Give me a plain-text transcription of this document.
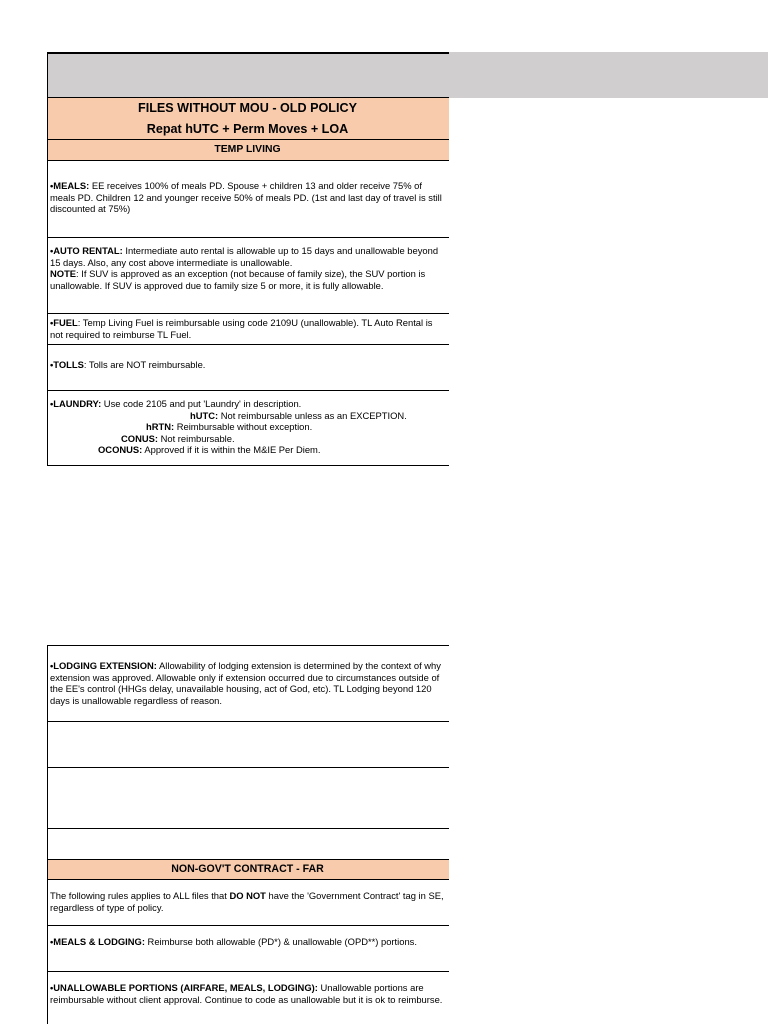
FILES WITHOUT MOU - OLD POLICY
Repat hUTC + Perm Moves + LOA
TEMP LIVING
•MEALS: EE receives 100% of meals PD. Spouse + children 13 and older receive 75% of meals PD. Children 12 and younger receive 50% of meals PD. (1st and last day of travel is still discounted at 75%)
•AUTO RENTAL: Intermediate auto rental is allowable up to 15 days and unallowable beyond 15 days. Also, any cost above intermediate is unallowable.
NOTE: If SUV is approved as an exception (not because of family size), the SUV portion is unallowable. If SUV is approved due to family size 5 or more, it is fully allowable.
•FUEL: Temp Living Fuel is reimbursable using code 2109U (unallowable). TL Auto Rental is not required to reimburse TL Fuel.
•TOLLS: Tolls are NOT reimbursable.
•LAUNDRY: Use code 2105 and put 'Laundry' in description.
hUTC: Not reimbursable unless as an EXCEPTION.
hRTN: Reimbursable without exception.
CONUS: Not reimbursable.
OCONUS: Approved if it is within the M&IE Per Diem.
•LODGING EXTENSION: Allowability of lodging extension is determined by the context of why extension was approved. Allowable only if extension occurred due to circumstances outside of the EE's control (HHGs delay, unavailable housing, act of God, etc). TL Lodging beyond 120 days is unallowable regardless of reason.
NON-GOV'T CONTRACT - FAR
The following rules applies to ALL files that DO NOT have the 'Government Contract' tag in SE, regardless of type of policy.
•MEALS & LODGING: Reimburse both allowable (PD*) & unallowable (OPD**) portions.
•UNALLOWABLE PORTIONS (AIRFARE, MEALS, LODGING): Unallowable portions are reimbursable without client approval. Continue to code as unallowable but it is ok to reimburse.
